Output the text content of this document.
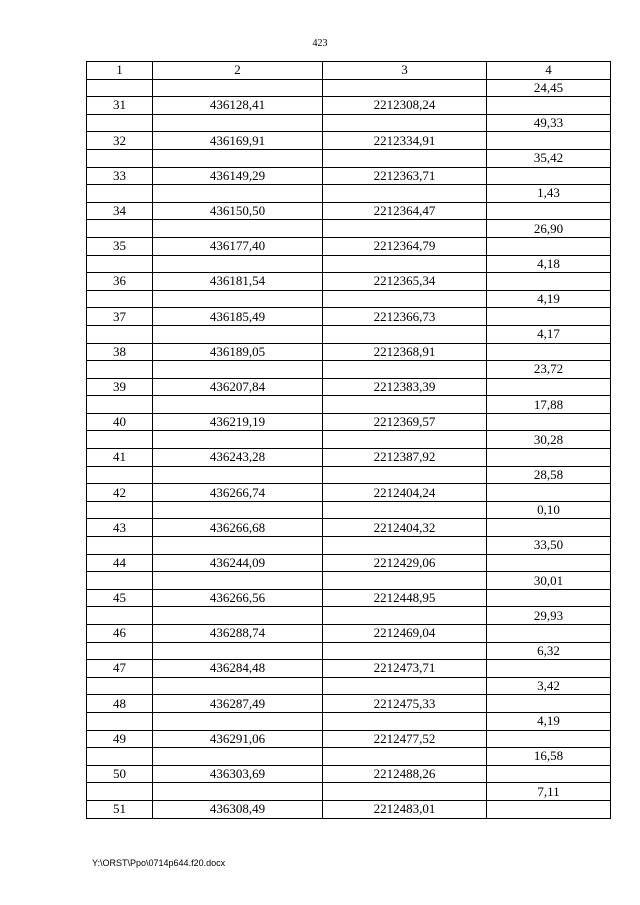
423
1	2	3	4
			24,45
31	436128,41	2212308,24	
			49,33
32	436169,91	2212334,91	
			35,42
33	436149,29	2212363,71	
			1,43
34	436150,50	2212364,47	
			26,90
35	436177,40	2212364,79	
			4,18
36	436181,54	2212365,34	
			4,19
37	436185,49	2212366,73	
			4,17
38	436189,05	2212368,91	
			23,72
39	436207,84	2212383,39	
			17,88
40	436219,19	2212369,57	
			30,28
41	436243,28	2212387,92	
			28,58
42	436266,74	2212404,24	
			0,10
43	436266,68	2212404,32	
			33,50
44	436244,09	2212429,06	
			30,01
45	436266,56	2212448,95	
			29,93
46	436288,74	2212469,04	
			6,32
47	436284,48	2212473,71	
			3,42
48	436287,49	2212475,33	
			4,19
49	436291,06	2212477,52	
			16,58
50	436303,69	2212488,26	
			7,11
51	436308,49	2212483,01	
Y:\ORST\Ppo\0714p644.f20.docx
